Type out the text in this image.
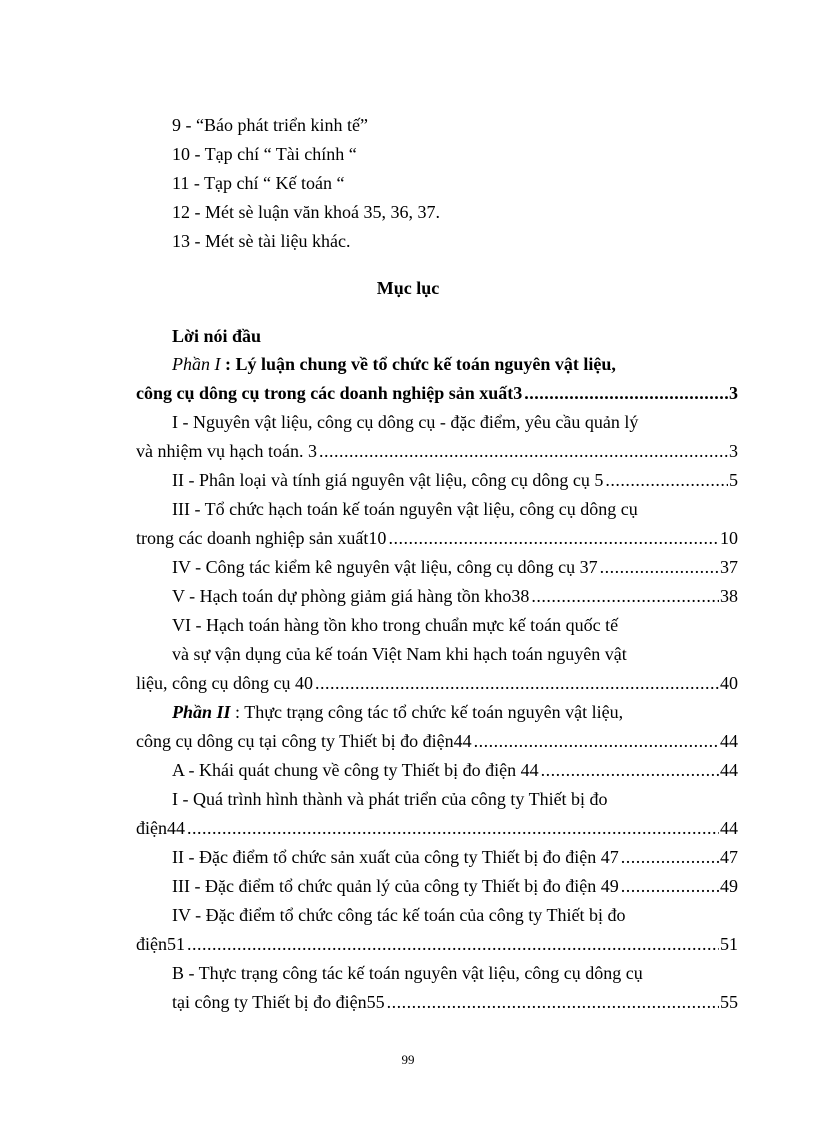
9 - “Báo phát triển kinh tế”
10 - Tạp chí “ Tài chính “
11 - Tạp chí “ Kế toán “
12 - Mét sè luận văn khoá 35, 36, 37.
13 - Mét sè tài liệu khác.
Mục lục
Lời nói đầu
Phần I : Lý luận chung về tổ chức kế toán nguyên vật liệu,
công cụ dông cụ trong các doanh nghiệp sản xuất3 .....	3
I - Nguyên vật liệu, công cụ dông cụ - đặc điểm, yêu cầu quản lý
và nhiệm vụ hạch toán. 3 .....	3
II - Phân loại và tính giá nguyên vật liệu, công cụ dông cụ 5 .....	5
III - Tổ chức hạch toán kế toán nguyên vật liệu, công cụ dông cụ
trong các doanh nghiệp sản xuất10 .....	10
IV - Công tác kiểm kê nguyên vật liệu, công cụ dông cụ 37 .....	37
V - Hạch toán dự phòng giảm giá hàng tồn kho38 .....	38
VI - Hạch toán hàng tồn kho trong chuẩn mực kế toán quốc tế
và sự vận dụng của kế toán Việt Nam khi hạch toán nguyên vật
liệu, công cụ dông cụ 40 .....	40
Phần II : Thực trạng công tác tổ chức kế toán nguyên vật liệu,
công cụ dông cụ tại công ty Thiết bị đo điện44 .....	44
A - Khái quát chung về công ty Thiết bị đo điện 44 .....	44
I - Quá trình hình thành và phát triển của công ty Thiết bị đo
điện44 .....	44
II - Đặc điểm tổ chức sản xuất của công ty Thiết bị đo điện 47 .....	47
III - Đặc điểm tổ chức quản lý của công ty Thiết bị đo điện 49 .....	49
IV - Đặc điểm tổ chức công tác kế toán của công ty Thiết bị đo
điện51 .....	51
B - Thực trạng công tác kế toán nguyên vật liệu, công cụ dông cụ
tại công ty Thiết bị đo điện55 .....	55
99
